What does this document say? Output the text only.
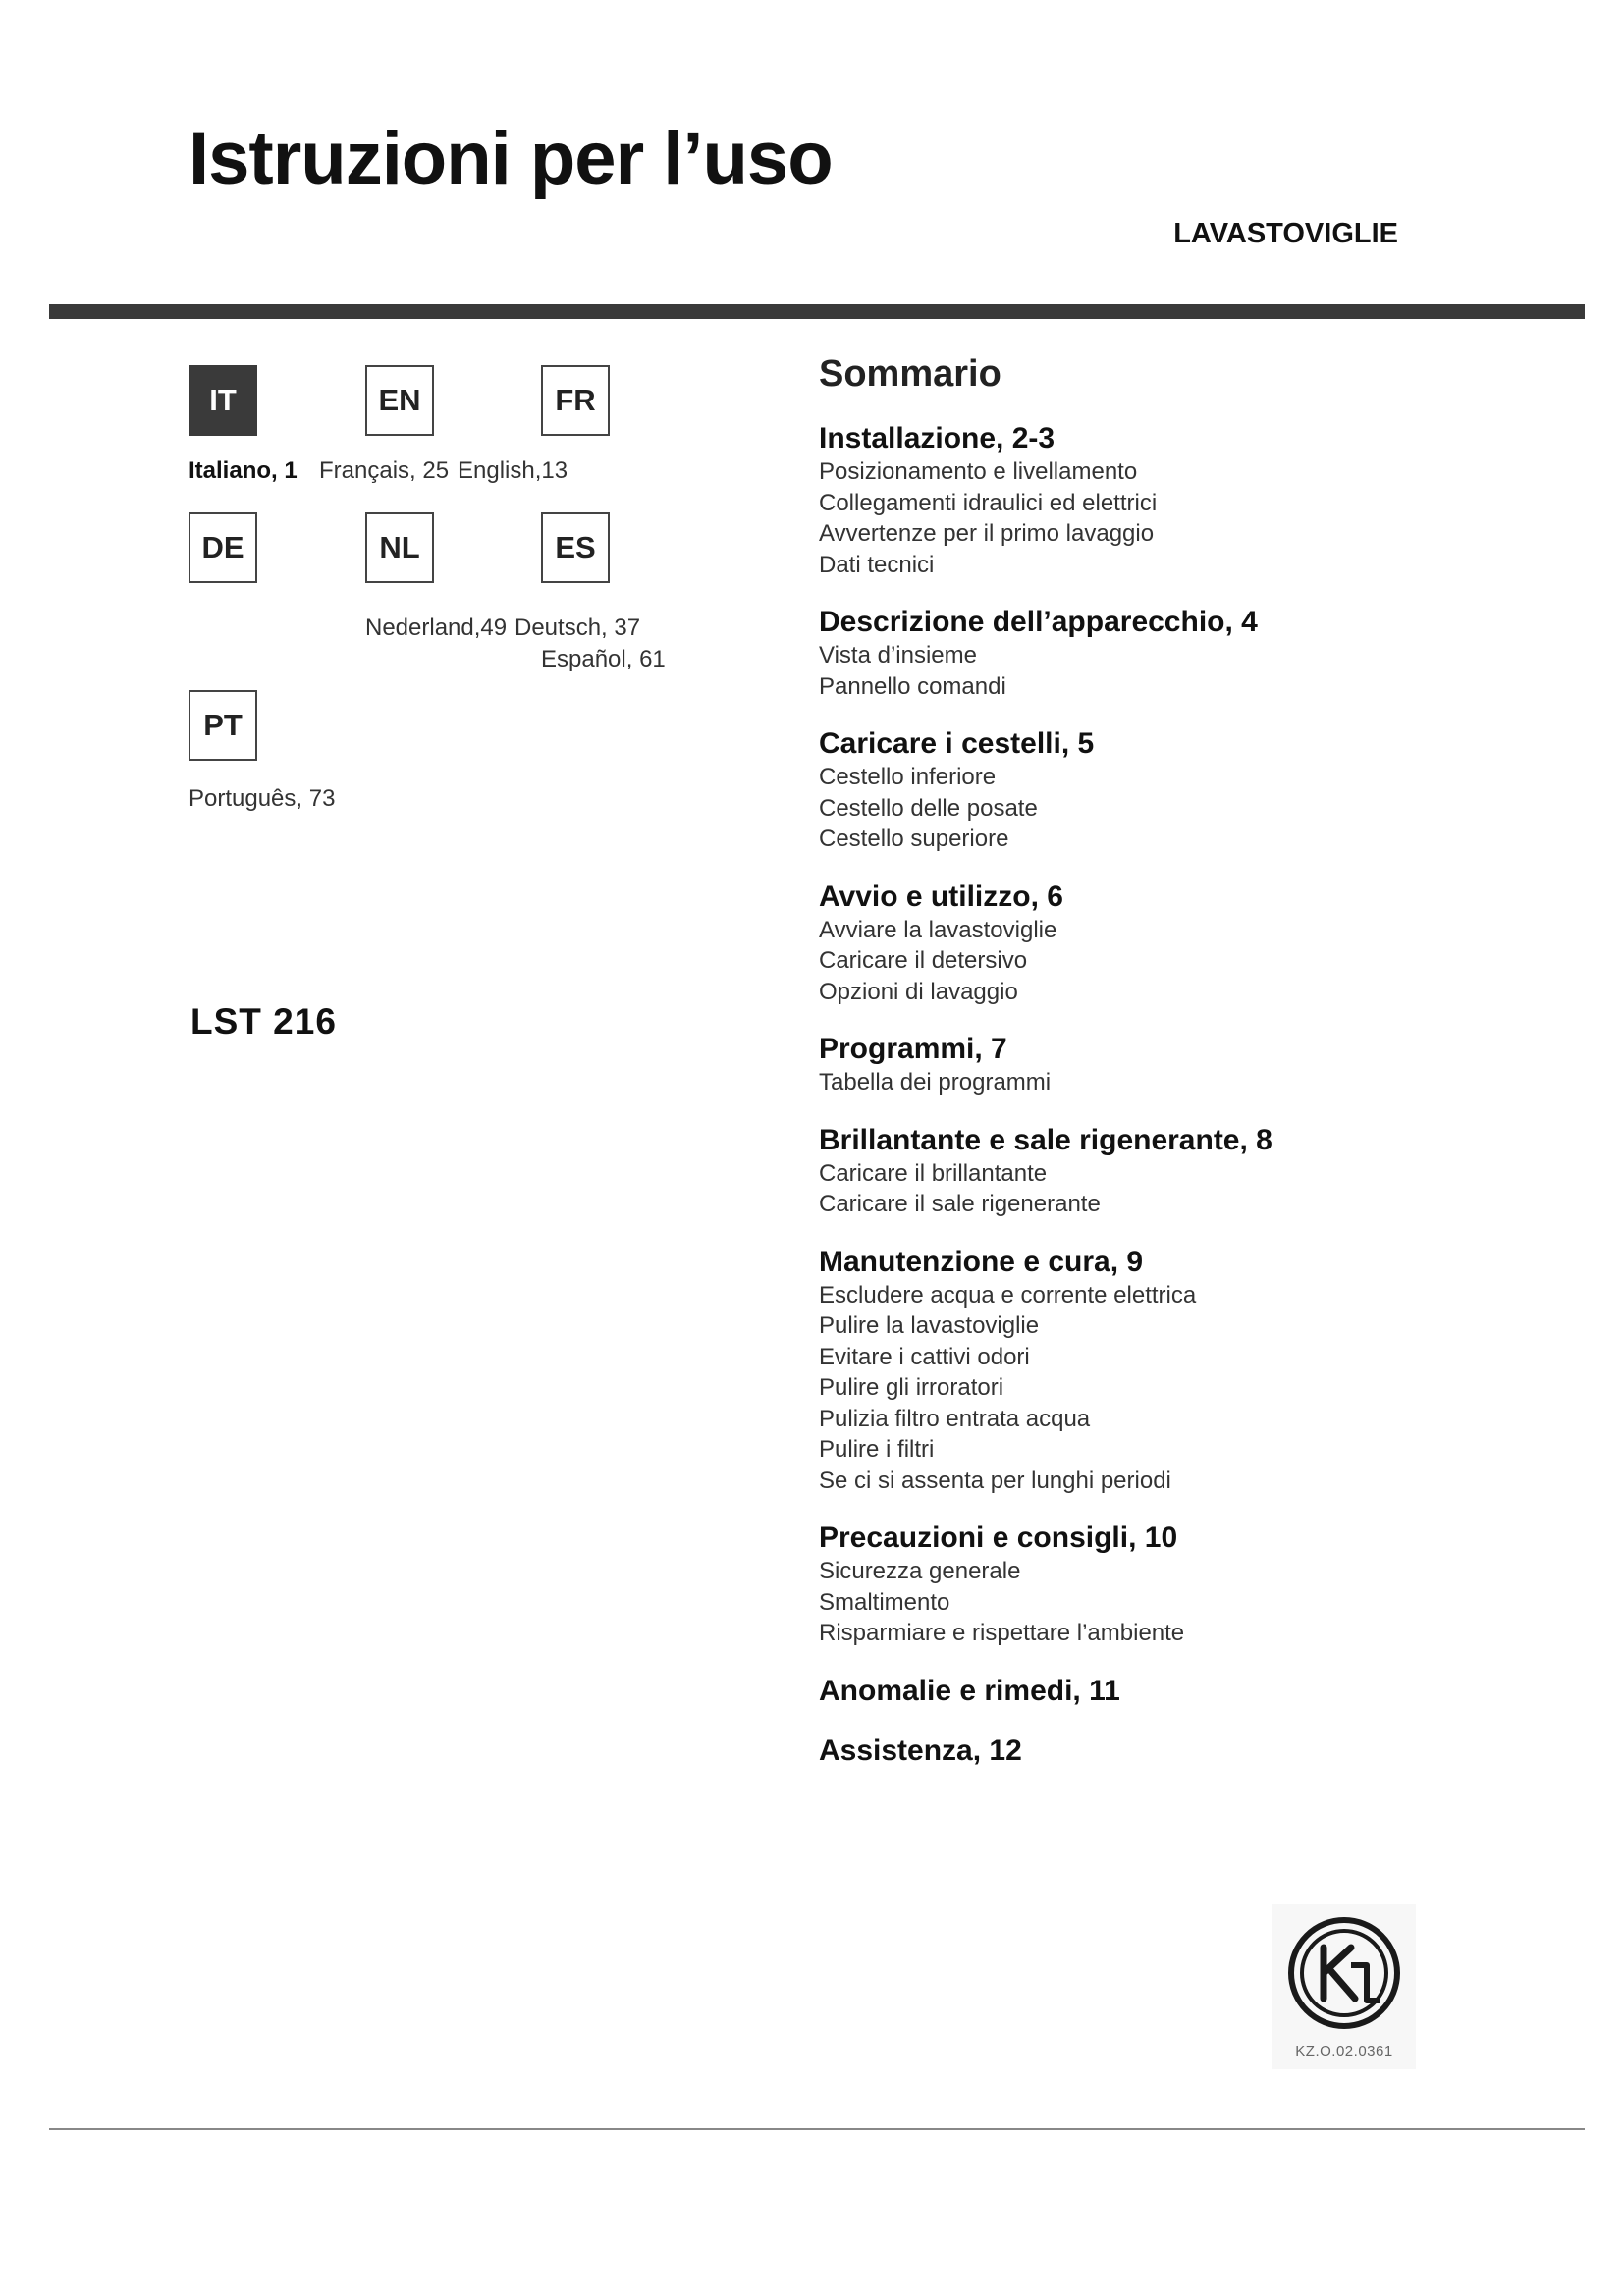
Istruzioni per l’uso
LAVASTOVIGLIE
IT	EN	FR
DE	NL	ES
PT
Italiano, 1 Français, 25 English,13
Nederland,49 Deutsch, 37
Español, 61
Português, 73
LST 216
Sommario
Installazione, 2-3
Posizionamento e livellamento
Collegamenti idraulici ed elettrici
Avvertenze per il primo lavaggio
Dati tecnici
Descrizione dell’apparecchio, 4
Vista d’insieme
Pannello comandi
Caricare i cestelli, 5
Cestello inferiore
Cestello delle posate
Cestello superiore
Avvio e utilizzo, 6
Avviare la lavastoviglie
Caricare il detersivo
Opzioni di lavaggio
Programmi, 7
Tabella dei programmi
Brillantante e sale rigenerante, 8
Caricare il brillantante
Caricare il sale rigenerante
Manutenzione e cura, 9
Escludere acqua e corrente elettrica
Pulire la lavastoviglie
Evitare i cattivi odori
Pulire gli irroratori
Pulizia filtro entrata acqua
Pulire i filtri
Se ci si assenta per lunghi periodi
Precauzioni e consigli, 10
Sicurezza generale
Smaltimento
Risparmiare e rispettare l’ambiente
Anomalie e rimedi, 11
Assistenza, 12
KZ.O.02.0361
